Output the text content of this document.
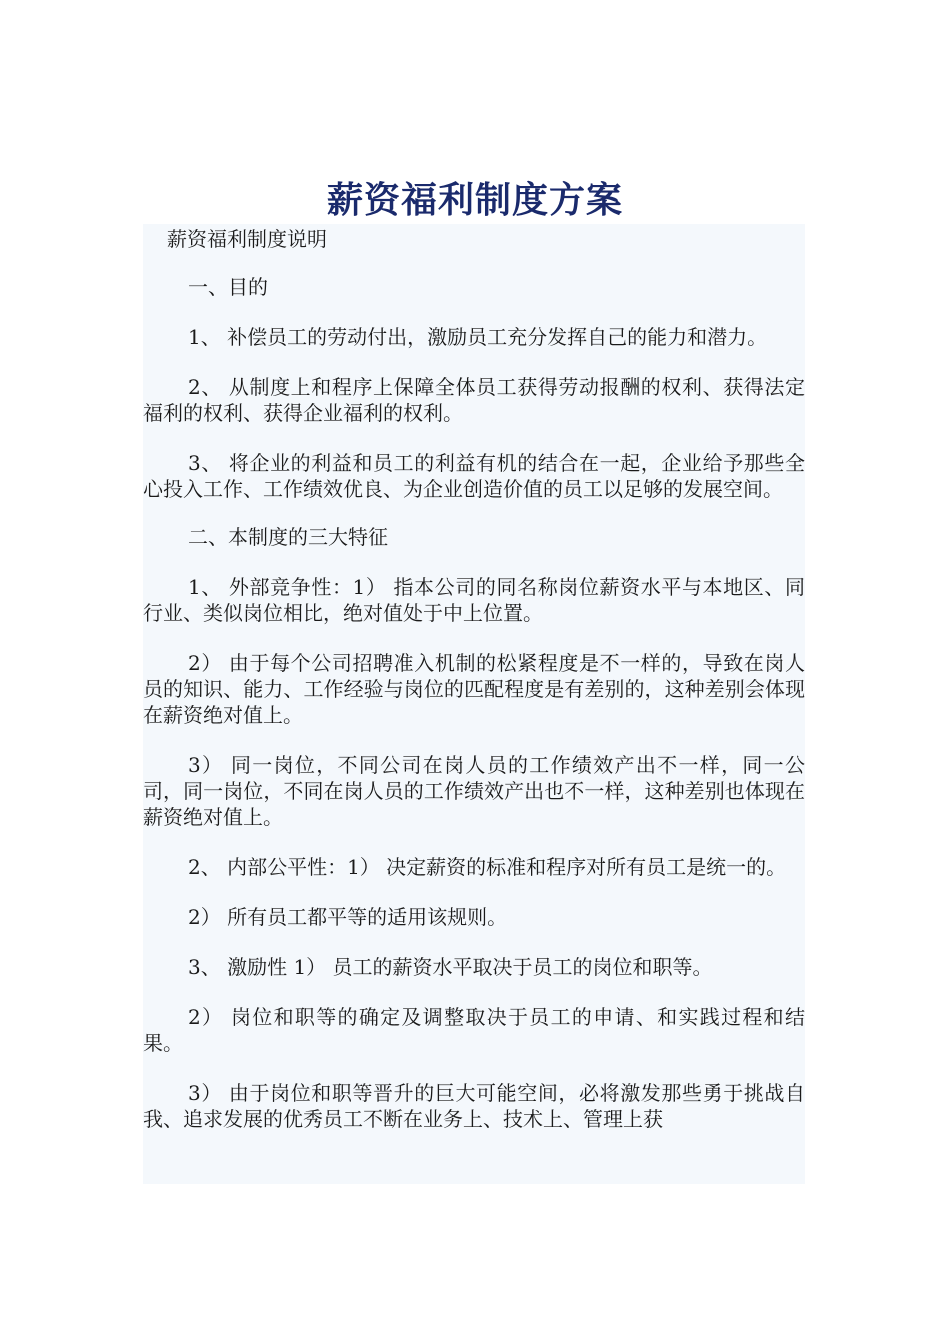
薪资福利制度方案

薪资福利制度说明

一、目的

1、 补偿员工的劳动付出，激励员工充分发挥自己的能力和潜力。

2、 从制度上和程序上保障全体员工获得劳动报酬的权利、获得法定福利的权利、获得企业福利的权利。

3、 将企业的利益和员工的利益有机的结合在一起，企业给予那些全心投入工作、工作绩效优良、为企业创造价值的员工以足够的发展空间。

二、本制度的三大特征

1、 外部竞争性：1） 指本公司的同名称岗位薪资水平与本地区、同行业、类似岗位相比，绝对值处于中上位置。

2） 由于每个公司招聘准入机制的松紧程度是不一样的，导致在岗人员的知识、能力、工作经验与岗位的匹配程度是有差别的，这种差别会体现在薪资绝对值上。

3） 同一岗位，不同公司在岗人员的工作绩效产出不一样，同一公司，同一岗位，不同在岗人员的工作绩效产出也不一样，这种差别也体现在薪资绝对值上。

2、 内部公平性：1） 决定薪资的标准和程序对所有员工是统一的。

2） 所有员工都平等的适用该规则。

3、 激励性 1） 员工的薪资水平取决于员工的岗位和职等。

2） 岗位和职等的确定及调整取决于员工的申请、和实践过程和结果。

3） 由于岗位和职等晋升的巨大可能空间，必将激发那些勇于挑战自我、追求发展的优秀员工不断在业务上、技术上、管理上获
